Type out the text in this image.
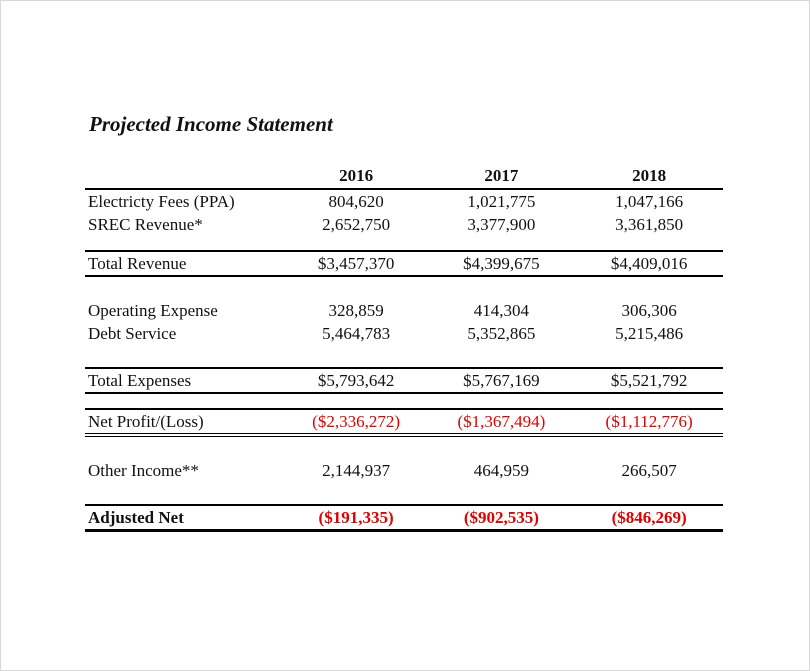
Projected Income Statement
2016	2017	2018
Electricty Fees (PPA)	804,620	1,021,775	1,047,166
SREC Revenue*	2,652,750	3,377,900	3,361,850
Total Revenue	$3,457,370	$4,399,675	$4,409,016
Operating Expense	328,859	414,304	306,306
Debt Service	5,464,783	5,352,865	5,215,486
Total Expenses	$5,793,642	$5,767,169	$5,521,792
Net Profit/(Loss)	($2,336,272)	($1,367,494)	($1,112,776)
Other Income**	2,144,937	464,959	266,507
Adjusted Net	($191,335)	($902,535)	($846,269)
